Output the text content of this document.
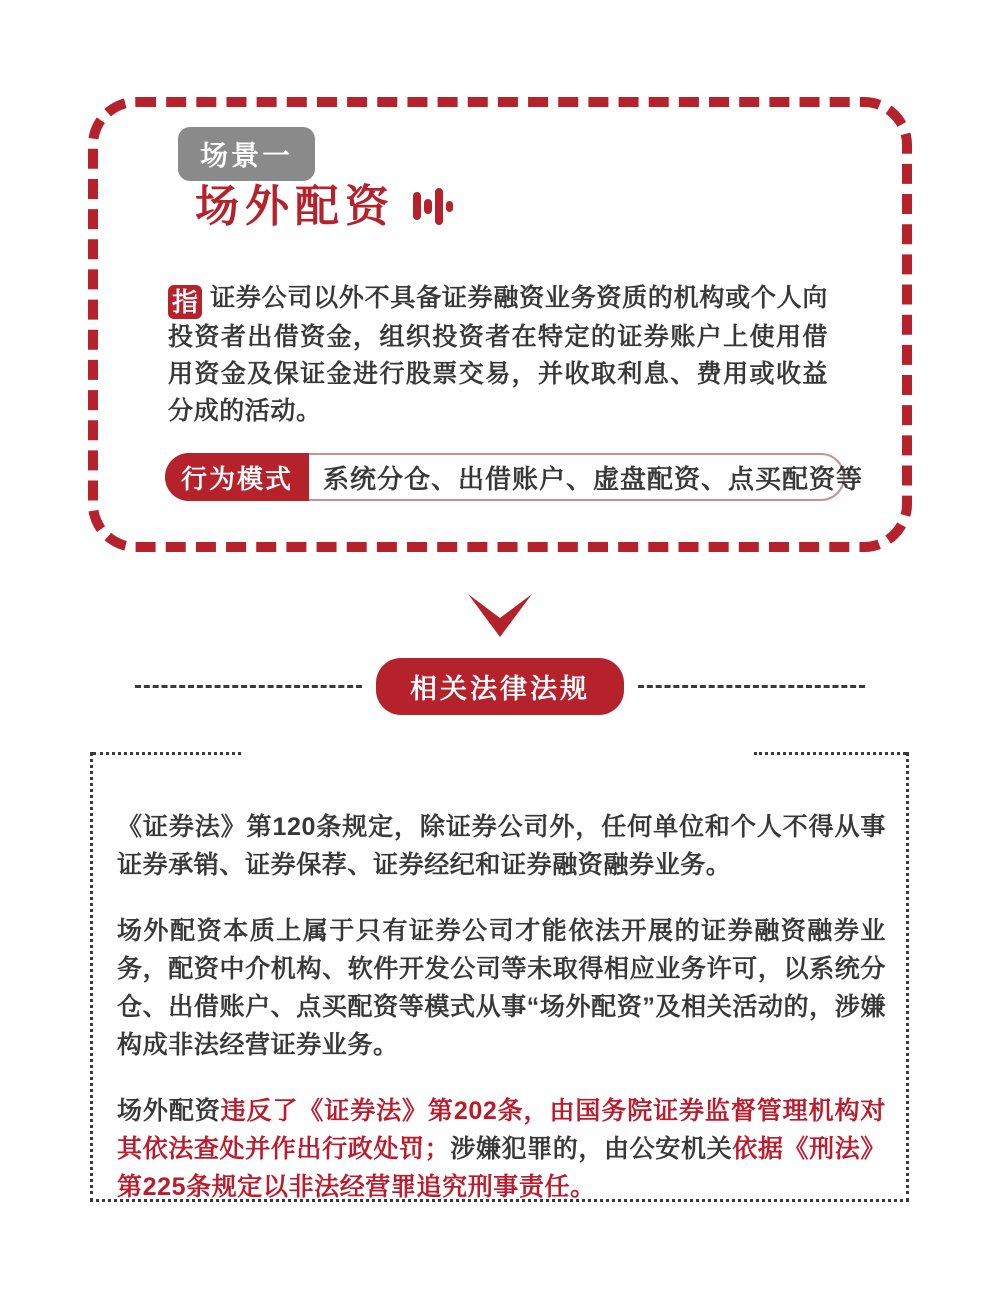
场景一
场外配资

指 证券公司以外不具备证券融资业务资质的机构或个人向投资者出借资金，组织投资者在特定的证券账户上使用借用资金及保证金进行股票交易，并收取利息、费用或收益分成的活动。

行为模式	系统分仓、出借账户、虚盘配资、点买配资等
相关法律法规

《证券法》第120条规定，除证券公司外，任何单位和个人不得从事证券承销、证券保荐、证券经纪和证券融资融券业务。

场外配资本质上属于只有证券公司才能依法开展的证券融资融券业务，配资中介机构、软件开发公司等未取得相应业务许可，以系统分仓、出借账户、点买配资等模式从事“场外配资”及相关活动的，涉嫌构成非法经营证券业务。

场外配资违反了《证券法》第202条，由国务院证券监督管理机构对其依法查处并作出行政处罚；涉嫌犯罪的，由公安机关依据《刑法》第225条规定以非法经营罪追究刑事责任。
